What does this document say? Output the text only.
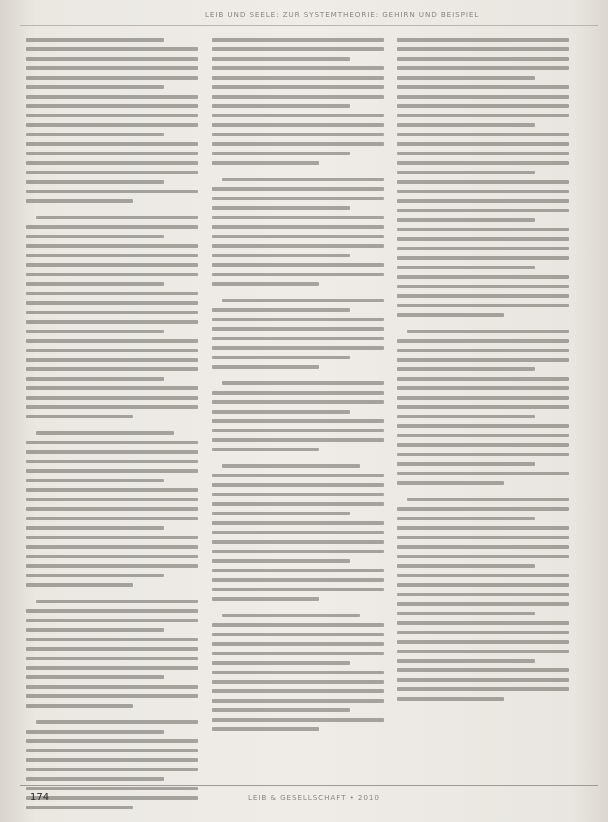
LEIB UND SEELE: ZUR SYSTEMTHEORIE: GEHIRN UND BEISPIEL
174	LEIB & GESELLSCHAFT • 2010
